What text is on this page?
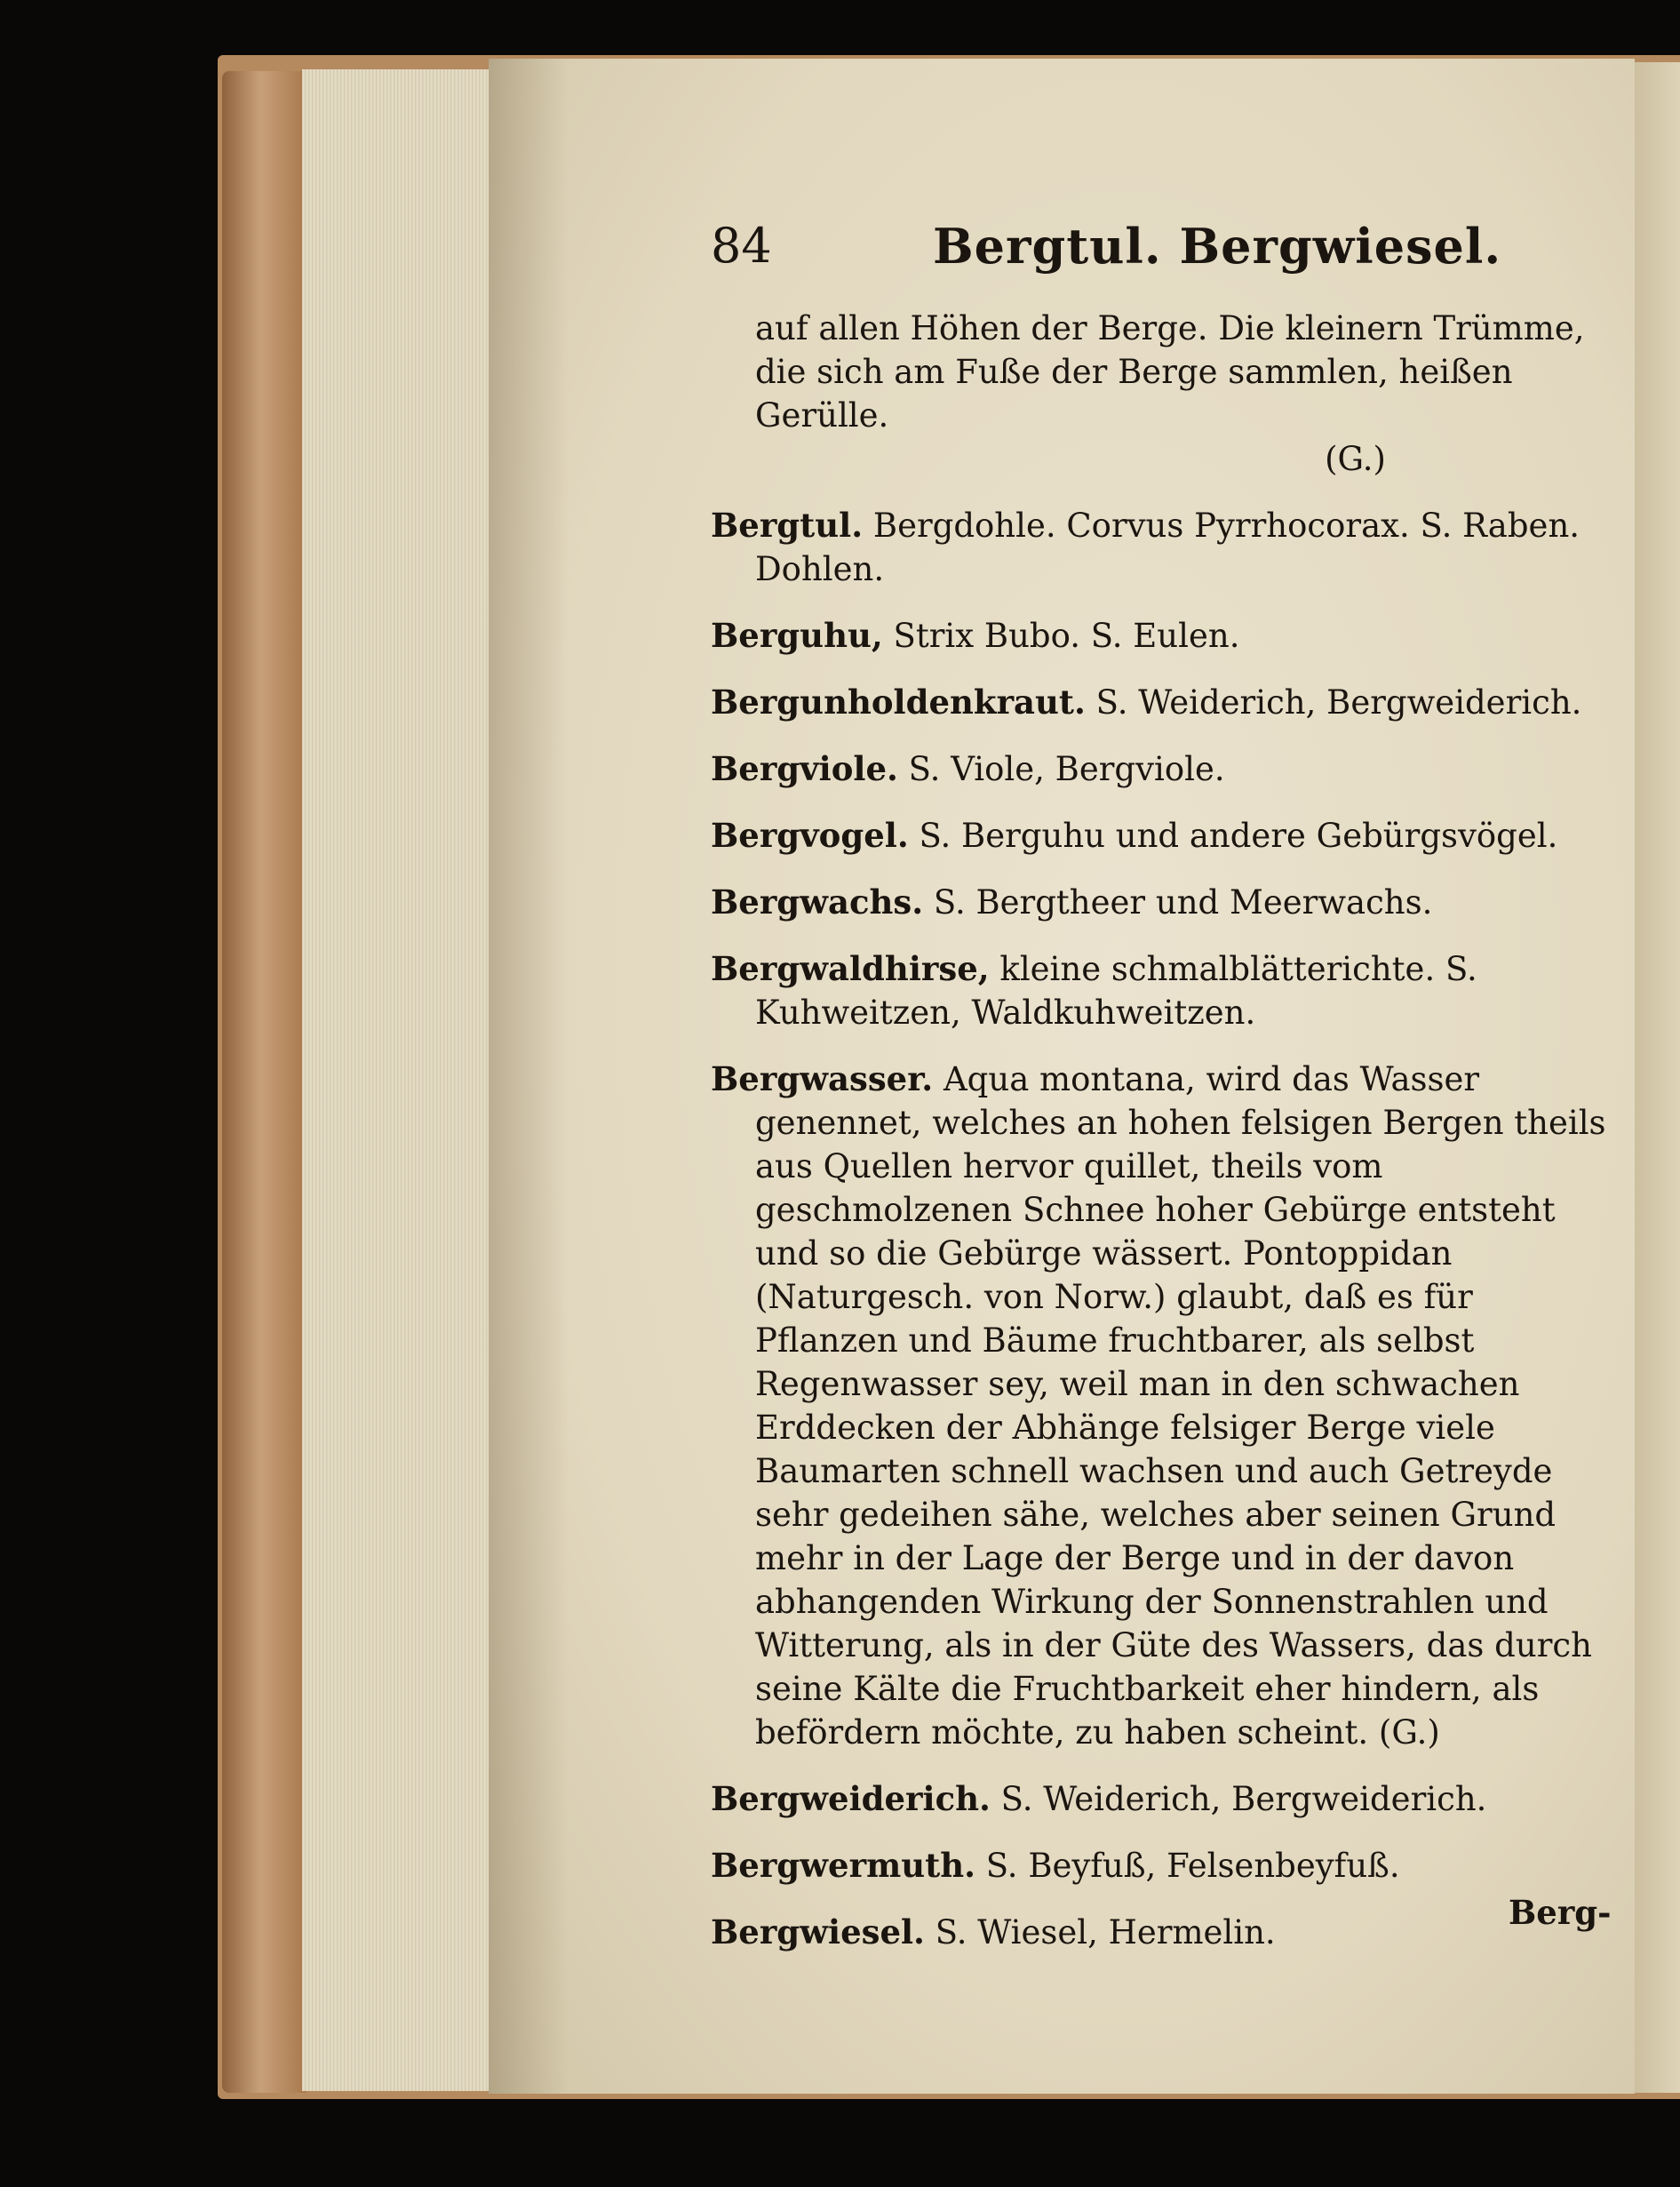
84	Bergtul. Bergwiesel.

auf allen Höhen der Berge. Die kleinern Trümme,

die sich am Fuße der Berge sammlen, heißen Gerülle.

(G.)

Bergtul. Bergdohle. Corvus Pyrrhocorax. S. Raben. Dohlen.

Berguhu, Strix Bubo. S. Eulen.

Bergunholdenkraut. S. Weiderich, Bergweiderich.

Bergviole. S. Viole, Bergviole.

Bergvogel. S. Berguhu und andere Gebürgsvögel.

Bergwachs. S. Bergtheer und Meerwachs.

Bergwaldhirse, kleine schmalblätterichte. S. Kuhweitzen, Waldkuhweitzen.

Bergwasser. Aqua montana, wird das Wasser genennet, welches an hohen felsigen Bergen theils aus Quellen hervor quillet, theils vom geschmolzenen Schnee hoher Gebürge entsteht und so die Gebürge wässert. Pontoppidan (Naturgesch. von Norw.) glaubt, daß es für Pflanzen und Bäume fruchtbarer, als selbst Regenwasser sey, weil man in den schwachen Erddecken der Abhänge felsiger Berge viele Baumarten schnell wachsen und auch Getreyde sehr gedeihen sähe, welches aber seinen Grund mehr in der Lage der Berge und in der davon abhangenden Wirkung der Sonnenstrahlen und Witterung, als in der Güte des Wassers, das durch seine Kälte die Fruchtbarkeit eher hindern, als befördern möchte, zu haben scheint. (G.)

Bergweiderich. S. Weiderich, Bergweiderich.

Bergwermuth. S. Beyfuß, Felsenbeyfuß.

Bergwiesel. S. Wiesel, Hermelin.

Berg-
